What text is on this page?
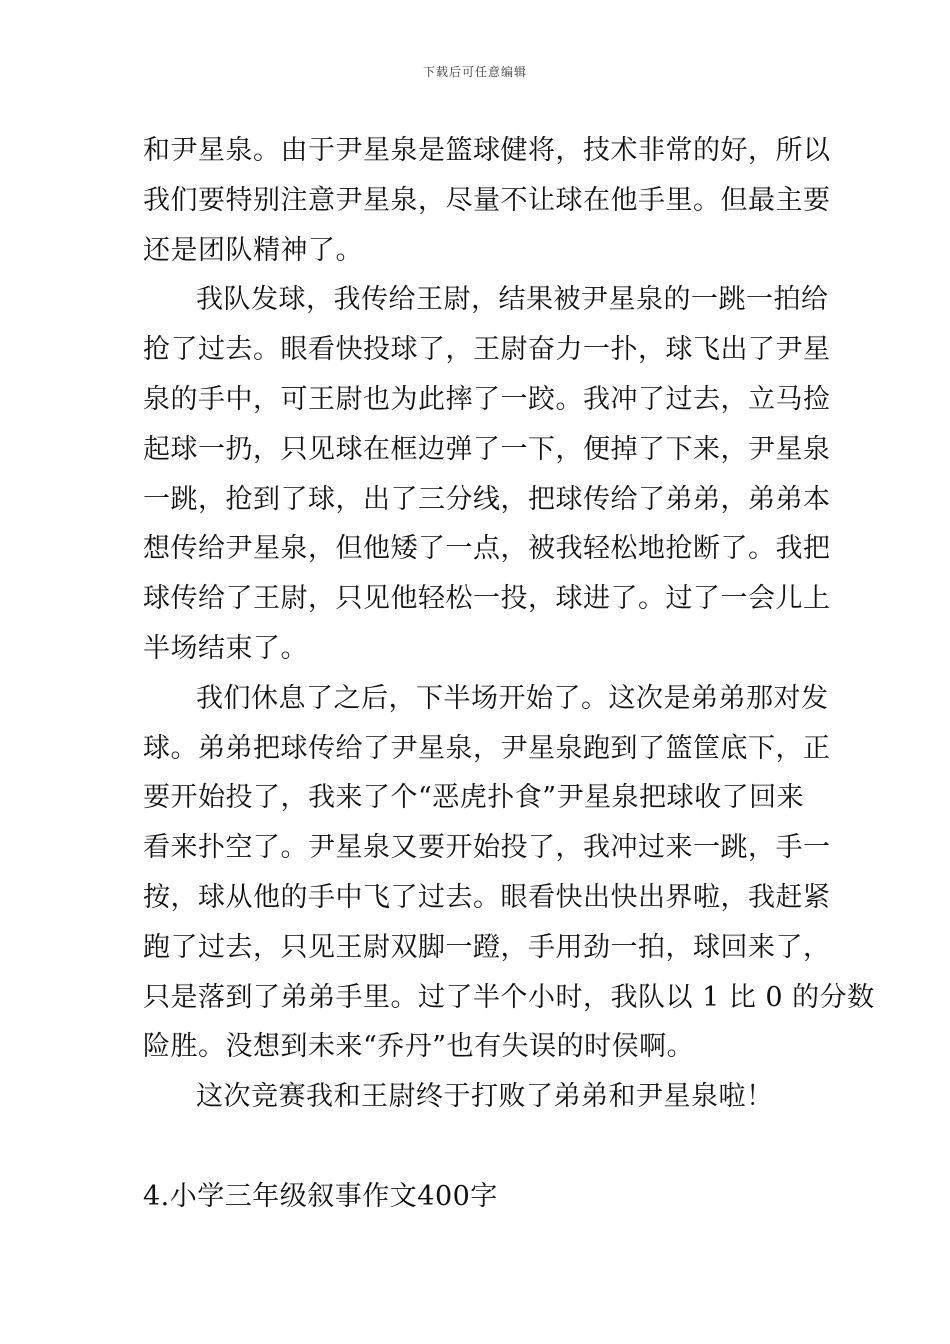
下载后可任意编辑
和尹星泉。由于尹星泉是篮球健将，技术非常的好，所以
我们要特别注意尹星泉，尽量不让球在他手里。但最主要
还是团队精神了。
我队发球，我传给王尉，结果被尹星泉的一跳一拍给
抢了过去。眼看快投球了，王尉奋力一扑，球飞出了尹星
泉的手中，可王尉也为此摔了一跤。我冲了过去，立马捡
起球一扔，只见球在框边弹了一下，便掉了下来，尹星泉
一跳，抢到了球，出了三分线，把球传给了弟弟，弟弟本
想传给尹星泉，但他矮了一点，被我轻松地抢断了。我把
球传给了王尉，只见他轻松一投，球进了。过了一会儿上
半场结束了。
我们休息了之后，下半场开始了。这次是弟弟那对发
球。弟弟把球传给了尹星泉，尹星泉跑到了篮筐底下，正
要开始投了，我来了个“恶虎扑食”尹星泉把球收了回来
看来扑空了。尹星泉又要开始投了，我冲过来一跳，手一
按，球从他的手中飞了过去。眼看快出快出界啦，我赶紧
跑了过去，只见王尉双脚一蹬，手用劲一拍，球回来了，
只是落到了弟弟手里。过了半个小时，我队以 1 比 0 的分数
险胜。没想到未来“乔丹”也有失误的时侯啊。
这次竞赛我和王尉终于打败了弟弟和尹星泉啦！
4.小学三年级叙事作文400字
